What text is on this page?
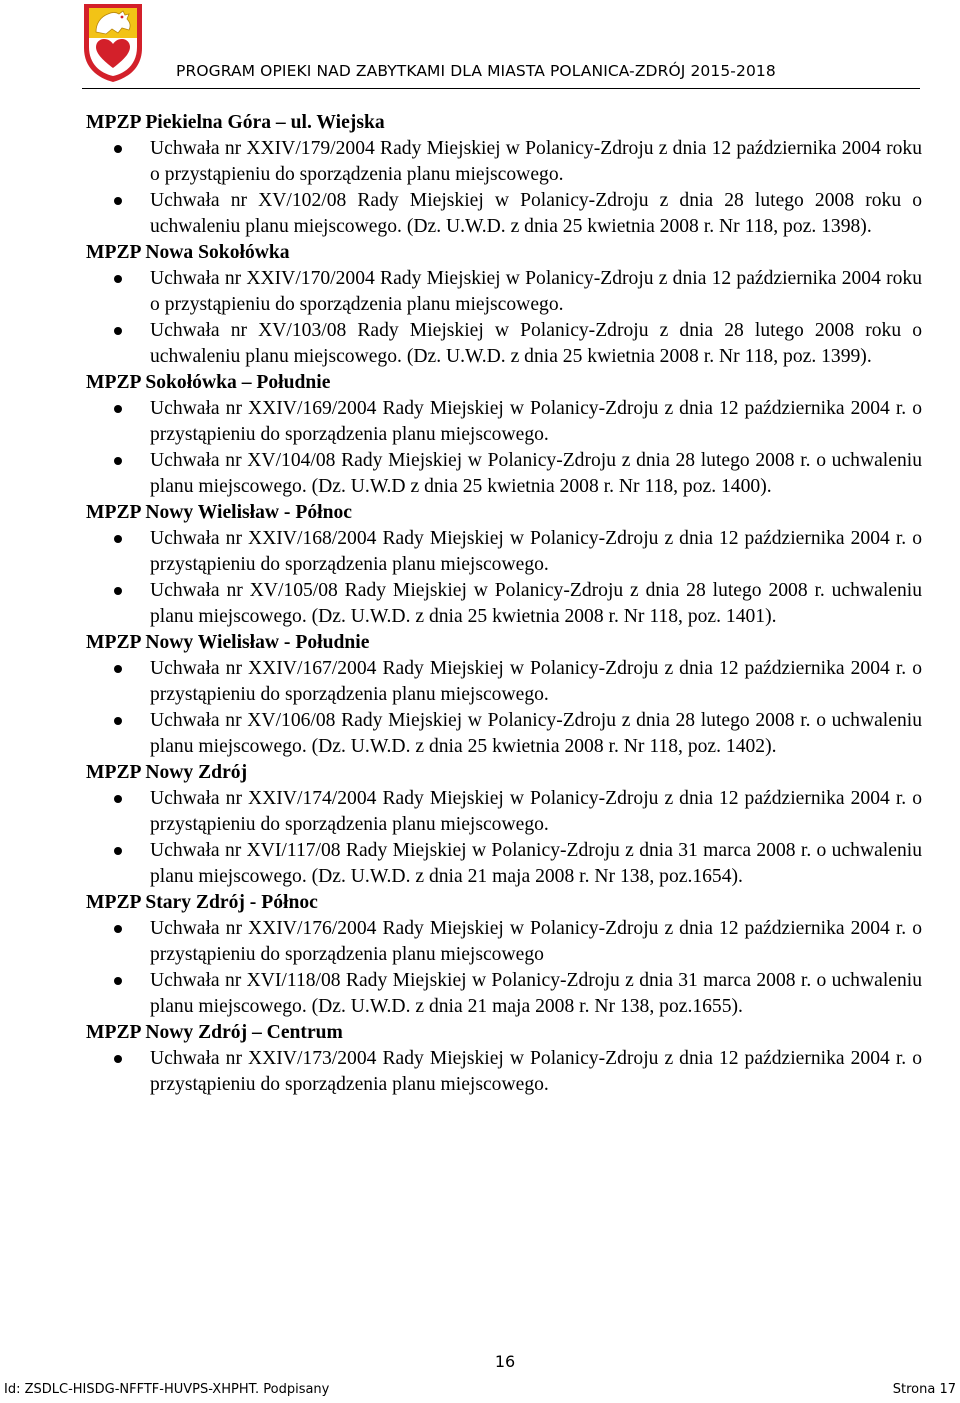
PROGRAM OPIEKI NAD ZABYTKAMI DLA MIASTA POLANICA-ZDRÓJ 2015-2018
MPZP Piekielna Góra – ul. Wiejska
Uchwała nr XXIV/179/2004 Rady Miejskiej w Polanicy-Zdroju z dnia 12 października 2004 roku o przystąpieniu do sporządzenia planu miejscowego.
Uchwała nr XV/102/08 Rady Miejskiej w Polanicy-Zdroju z dnia 28 lutego 2008 roku o uchwaleniu planu miejscowego. (Dz. U.W.D. z dnia 25 kwietnia 2008 r. Nr 118, poz. 1398).
MPZP Nowa Sokołówka
Uchwała nr XXIV/170/2004 Rady Miejskiej w Polanicy-Zdroju z dnia 12 października 2004 roku o przystąpieniu do sporządzenia planu miejscowego.
Uchwała nr XV/103/08 Rady Miejskiej w Polanicy-Zdroju z dnia 28 lutego 2008 roku o uchwaleniu planu miejscowego. (Dz. U.W.D. z dnia 25 kwietnia 2008 r. Nr 118, poz. 1399).
MPZP Sokołówka – Południe
Uchwała nr XXIV/169/2004 Rady Miejskiej w Polanicy-Zdroju z dnia 12 października 2004 r. o przystąpieniu do sporządzenia planu miejscowego.
Uchwała nr XV/104/08 Rady Miejskiej w Polanicy-Zdroju z dnia 28 lutego 2008 r. o uchwaleniu planu miejscowego. (Dz. U.W.D z dnia 25 kwietnia 2008 r. Nr 118, poz. 1400).
MPZP Nowy Wielisław - Północ
Uchwała nr XXIV/168/2004 Rady Miejskiej w Polanicy-Zdroju z dnia 12 października 2004 r. o przystąpieniu do sporządzenia planu miejscowego.
Uchwała nr XV/105/08 Rady Miejskiej w Polanicy-Zdroju z dnia 28 lutego 2008 r. uchwaleniu planu miejscowego. (Dz. U.W.D. z dnia 25 kwietnia 2008 r. Nr 118, poz. 1401).
MPZP Nowy Wielisław - Południe
Uchwała nr XXIV/167/2004 Rady Miejskiej w Polanicy-Zdroju z dnia 12 października 2004 r. o przystąpieniu do sporządzenia planu miejscowego.
Uchwała nr XV/106/08 Rady Miejskiej w Polanicy-Zdroju z dnia 28 lutego 2008 r. o uchwaleniu planu miejscowego. (Dz. U.W.D. z dnia 25 kwietnia 2008 r. Nr 118, poz. 1402).
MPZP Nowy Zdrój
Uchwała nr XXIV/174/2004 Rady Miejskiej w Polanicy-Zdroju z dnia 12 października 2004 r. o przystąpieniu do sporządzenia planu miejscowego.
Uchwała nr XVI/117/08 Rady Miejskiej w Polanicy-Zdroju z dnia 31 marca 2008 r. o uchwaleniu planu miejscowego. (Dz. U.W.D. z dnia 21 maja 2008 r. Nr 138, poz.1654).
MPZP Stary Zdrój - Północ
Uchwała nr XXIV/176/2004 Rady Miejskiej w Polanicy-Zdroju z dnia 12 października 2004 r. o przystąpieniu do sporządzenia planu miejscowego
Uchwała nr XVI/118/08 Rady Miejskiej w Polanicy-Zdroju z dnia 31 marca 2008 r. o uchwaleniu planu miejscowego. (Dz. U.W.D. z dnia 21 maja 2008 r. Nr 138, poz.1655).
MPZP Nowy Zdrój – Centrum
Uchwała nr XXIV/173/2004 Rady Miejskiej w Polanicy-Zdroju z dnia 12 października 2004 r. o przystąpieniu do sporządzenia planu miejscowego.
16
Id: ZSDLC-HISDG-NFFTF-HUVPS-XHPHT. Podpisany	Strona 17
